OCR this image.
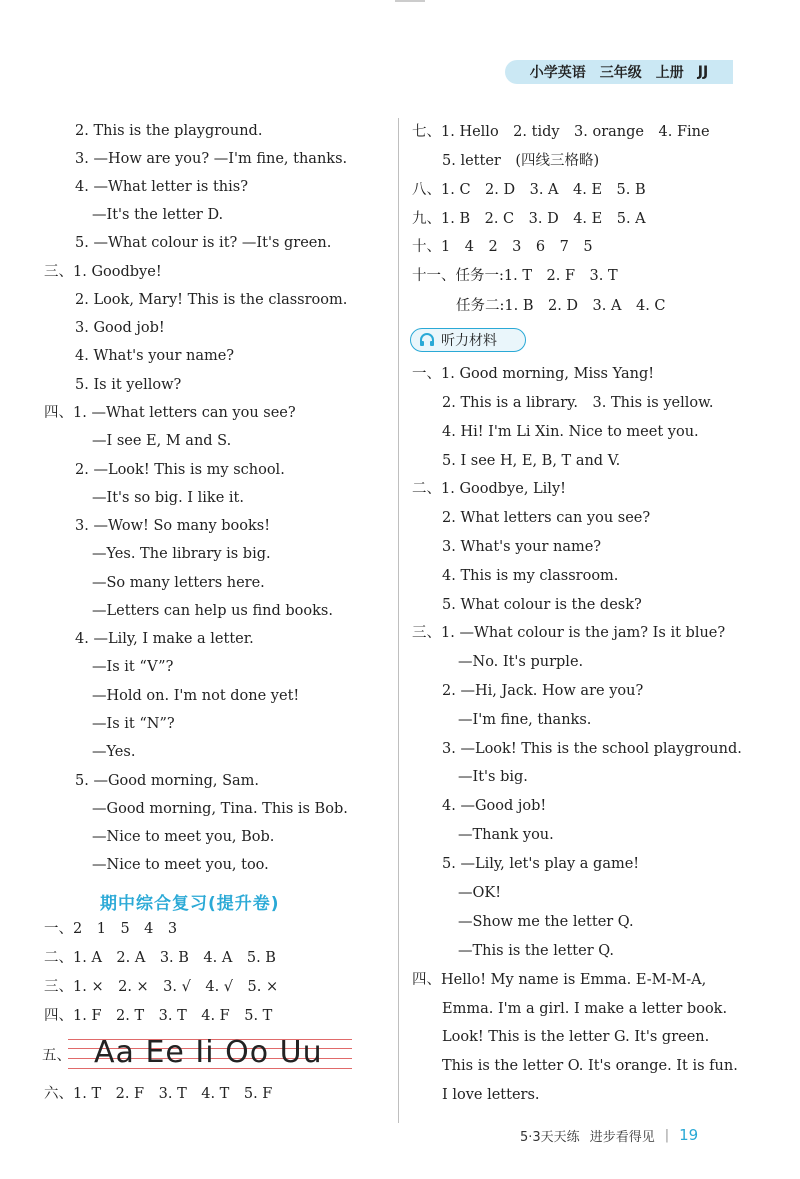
小学英语 三年级 上册 JJ
2. This is the playground.
3. —How are you? —I'm fine, thanks.
4. —What letter is this?
—It's the letter D.
5. —What colour is it? —It's green.
三、1. Goodbye!
2. Look, Mary! This is the classroom.
3. Good job!
4. What's your name?
5. Is it yellow?
四、1. —What letters can you see?
—I see E, M and S.
2. —Look! This is my school.
—It's so big. I like it.
3. —Wow! So many books!
—Yes. The library is big.
—So many letters here.
—Letters can help us find books.
4. —Lily, I make a letter.
—Is it “V”?
—Hold on. I'm not done yet!
—Is it “N”?
—Yes.
5. —Good morning, Sam.
—Good morning, Tina. This is Bob.
—Nice to meet you, Bob.
—Nice to meet you, too.
期中综合复习(提升卷)
一、2　1　5　4　3
二、1. A　2. A　3. B　4. A　5. B
三、1. ×　2. ×　3. √　4. √　5. ×
四、1. F　2. T　3. T　4. F　5. T
五、 Aa Ee Ii Oo Uu
六、1. T　2. F　3. T　4. T　5. F
七、1. Hello　2. tidy　3. orange　4. Fine
5. letter　(四线三格略)
八、1. C　2. D　3. A　4. E　5. B
九、1. B　2. C　3. D　4. E　5. A
十、1　4　2　3　6　7　5
十一、任务一:1. T　2. F　3. T
任务二:1. B　2. D　3. A　4. C
听力材料
一、1. Good morning, Miss Yang!
2. This is a library.　3. This is yellow.
4. Hi! I'm Li Xin. Nice to meet you.
5. I see H, E, B, T and V.
二、1. Goodbye, Lily!
2. What letters can you see?
3. What's your name?
4. This is my classroom.
5. What colour is the desk?
三、1. —What colour is the jam? Is it blue?
—No. It's purple.
2. —Hi, Jack. How are you?
—I'm fine, thanks.
3. —Look! This is the school playground.
—It's big.
4. —Good job!
—Thank you.
5. —Lily, let's play a game!
—OK!
—Show me the letter Q.
—This is the letter Q.
四、Hello! My name is Emma. E-M-M-A,
Emma. I'm a girl. I make a letter book.
Look! This is the letter G. It's green.
This is the letter O. It's orange. It is fun.
I love letters.
5·3天天练 进步看得见 | 19
